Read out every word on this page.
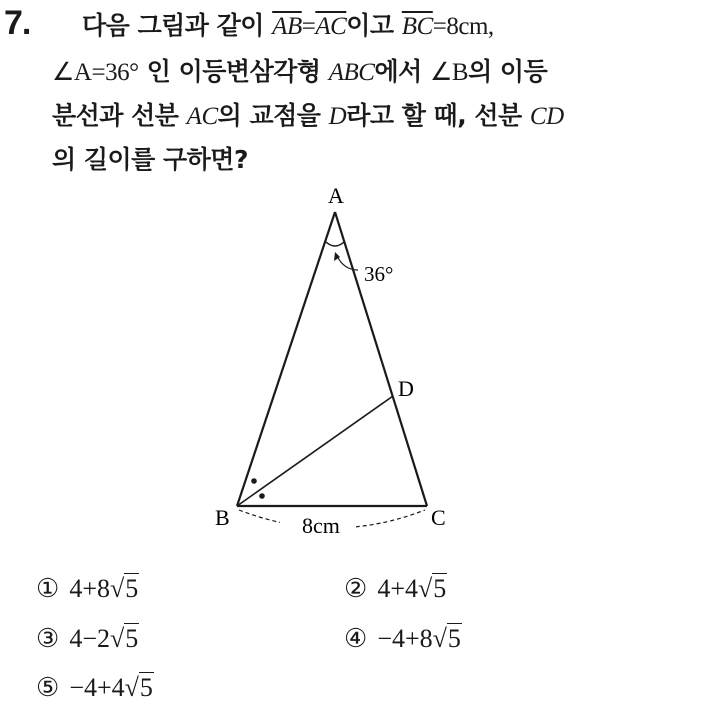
7. 다음 그림과 같이 $\overline{AB}=\overline{AC}$이고 $\overline{BC}=8cm$,
∠A=36° 인 이등변삼각형 ABC에서 ∠B의 이등
분선과 선분 AC의 교점을 D라고 할 때, 선분 CD
의 길이를 구하면?
A
D
B	C
36°
8cm
① 4+8√5	② 4+4√5
③ 4−2√5	④ −4+8√5
⑤ −4+4√5
